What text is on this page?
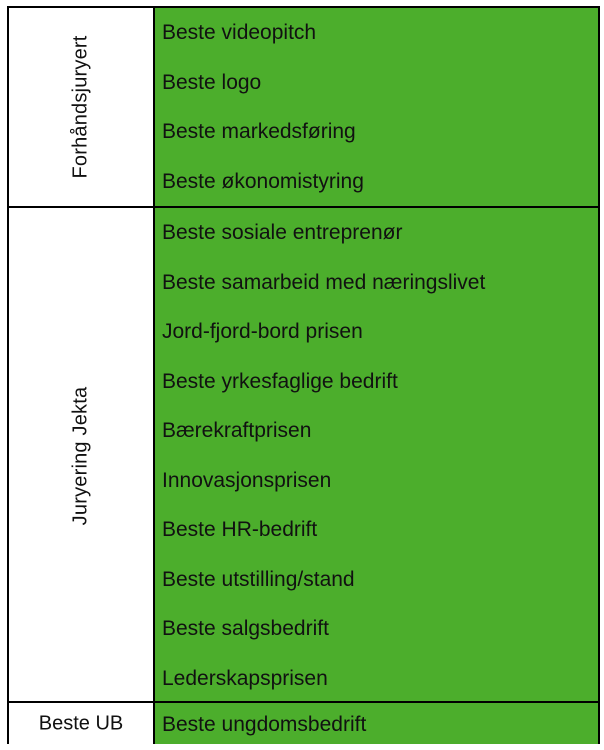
Forhåndsjuryert
Beste videopitch
Beste logo
Beste markedsføring
Beste økonomistyring
Juryering Jekta
Beste sosiale entreprenør
Beste samarbeid med næringslivet
Jord-fjord-bord prisen
Beste yrkesfaglige bedrift
Bærekraftprisen
Innovasjonsprisen
Beste HR-bedrift
Beste utstilling/stand
Beste salgsbedrift
Lederskapsprisen
Beste UB	Beste ungdomsbedrift
